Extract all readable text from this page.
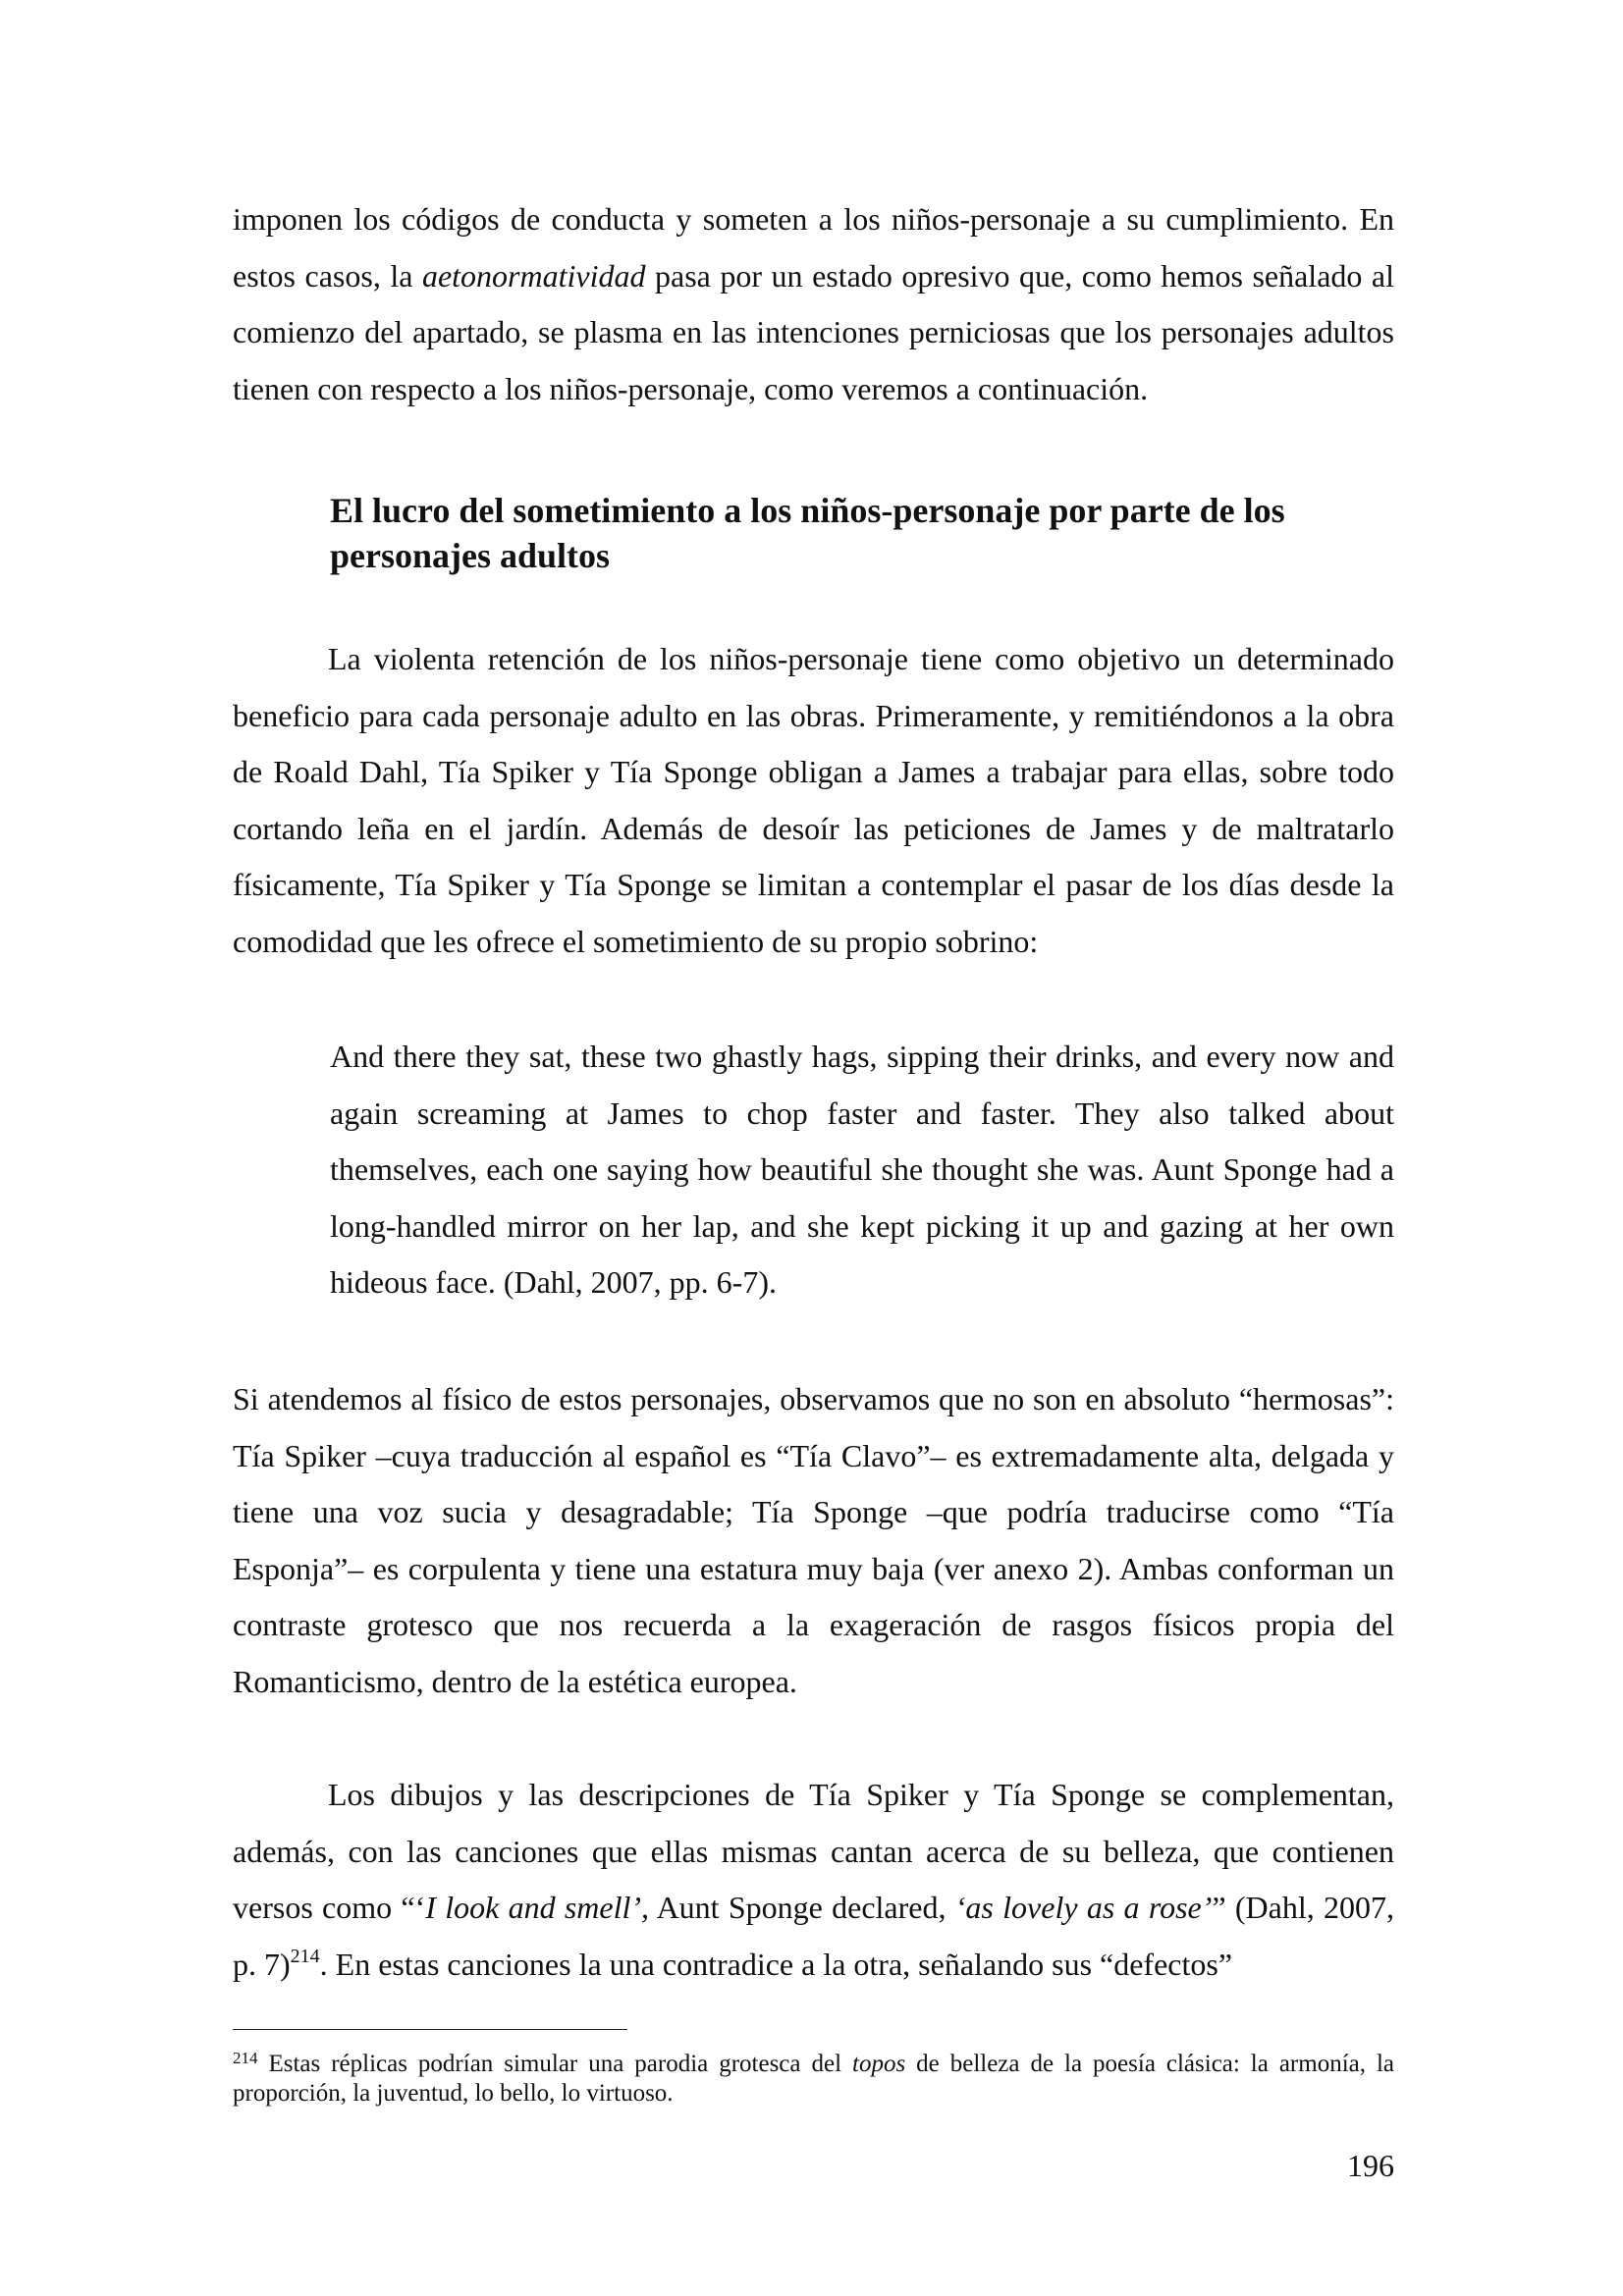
imponen los códigos de conducta y someten a los niños-personaje a su cumplimiento. En estos casos, la aetonormatividad pasa por un estado opresivo que, como hemos señalado al comienzo del apartado, se plasma en las intenciones perniciosas que los personajes adultos tienen con respecto a los niños-personaje, como veremos a continuación.

El lucro del sometimiento a los niños-personaje por parte de los personajes adultos

La violenta retención de los niños-personaje tiene como objetivo un determinado beneficio para cada personaje adulto en las obras. Primeramente, y remitiéndonos a la obra de Roald Dahl, Tía Spiker y Tía Sponge obligan a James a trabajar para ellas, sobre todo cortando leña en el jardín. Además de desoír las peticiones de James y de maltratarlo físicamente, Tía Spiker y Tía Sponge se limitan a contemplar el pasar de los días desde la comodidad que les ofrece el sometimiento de su propio sobrino:

And there they sat, these two ghastly hags, sipping their drinks, and every now and again screaming at James to chop faster and faster. They also talked about themselves, each one saying how beautiful she thought she was. Aunt Sponge had a long-handled mirror on her lap, and she kept picking it up and gazing at her own hideous face. (Dahl, 2007, pp. 6-7).

Si atendemos al físico de estos personajes, observamos que no son en absoluto “hermosas”: Tía Spiker –cuya traducción al español es “Tía Clavo”– es extremadamente alta, delgada y tiene una voz sucia y desagradable; Tía Sponge –que podría traducirse como “Tía Esponja”– es corpulenta y tiene una estatura muy baja (ver anexo 2). Ambas conforman un contraste grotesco que nos recuerda a la exageración de rasgos físicos propia del Romanticismo, dentro de la estética europea.

Los dibujos y las descripciones de Tía Spiker y Tía Sponge se complementan, además, con las canciones que ellas mismas cantan acerca de su belleza, que contienen versos como “‘I look and smell’, Aunt Sponge declared, ‘as lovely as a rose’” (Dahl, 2007, p. 7)$^{214}$. En estas canciones la una contradice a la otra, señalando sus “defectos”

$^{214}$ Estas réplicas podrían simular una parodia grotesca del topos de belleza de la poesía clásica: la armonía, la proporción, la juventud, lo bello, lo virtuoso.

196
